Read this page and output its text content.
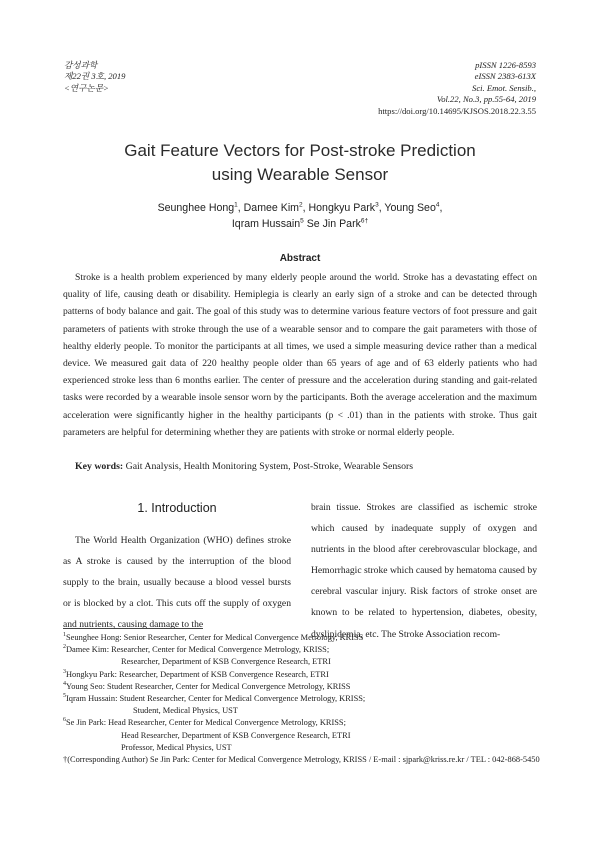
감성과학
제22권 3호, 2019
<연구논문>
pISSN 1226-8593
eISSN 2383-613X
Sci. Emot. Sensib.,
Vol.22, No.3, pp.55-64, 2019
https://doi.org/10.14695/KJSOS.2018.22.3.55
Gait Feature Vectors for Post-stroke Prediction
using Wearable Sensor
Seunghee Hong$^1$, Damee Kim$^2$, Hongkyu Park$^3$, Young Seo$^4$,
Iqram Hussain$^5$ Se Jin Park$^{6\dagger}$
Abstract

Stroke is a health problem experienced by many elderly people around the world. Stroke has a devastating effect on quality of life, causing death or disability. Hemiplegia is clearly an early sign of a stroke and can be detected through patterns of body balance and gait. The goal of this study was to determine various feature vectors of foot pressure and gait parameters of patients with stroke through the use of a wearable sensor and to compare the gait parameters with those of healthy elderly people. To monitor the participants at all times, we used a simple measuring device rather than a medical device. We measured gait data of 220 healthy people older than 65 years of age and of 63 elderly patients who had experienced stroke less than 6 months earlier. The center of pressure and the acceleration during standing and gait-related tasks were recorded by a wearable insole sensor worn by the participants. Both the average acceleration and the maximum acceleration were significantly higher in the healthy participants (p < .01) than in the patients with stroke. Thus gait parameters are helpful for determining whether they are patients with stroke or normal elderly people.

Key words: Gait Analysis, Health Monitoring System, Post-Stroke, Wearable Sensors
1. Introduction

The World Health Organization (WHO) defines stroke as A stroke is caused by the interruption of the blood supply to the brain, usually because a blood vessel bursts or is blocked by a clot. This cuts off the supply of oxygen and nutrients, causing damage to the

brain tissue. Strokes are classified as ischemic stroke which caused by inadequate supply of oxygen and nutrients in the blood after cerebrovascular blockage, and Hemorrhagic stroke which caused by hematoma caused by cerebral vascular injury. Risk factors of stroke onset are known to be related to hypertension, diabetes, obesity, dyslipidemia, etc. The Stroke Association recom-

$^1$Seunghee Hong: Senior Researcher, Center for Medical Convergence Metrology, KRISS
$^2$Damee Kim: Researcher, Center for Medical Convergence Metrology, KRISS;
Researcher, Department of KSB Convergence Research, ETRI
$^3$Hongkyu Park: Researcher, Department of KSB Convergence Research, ETRI
$^4$Young Seo: Student Researcher, Center for Medical Convergence Metrology, KRISS
$^5$Iqram Hussain: Student Researcher, Center for Medical Convergence Metrology, KRISS;
Student, Medical Physics, UST
$^6$Se Jin Park: Head Researcher, Center for Medical Convergence Metrology, KRISS;
Head Researcher, Department of KSB Convergence Research, ETRI
Professor, Medical Physics, UST
†(Corresponding Author) Se Jin Park: Center for Medical Convergence Metrology, KRISS / E-mail : sjpark@kriss.re.kr / TEL : 042-868-5450
